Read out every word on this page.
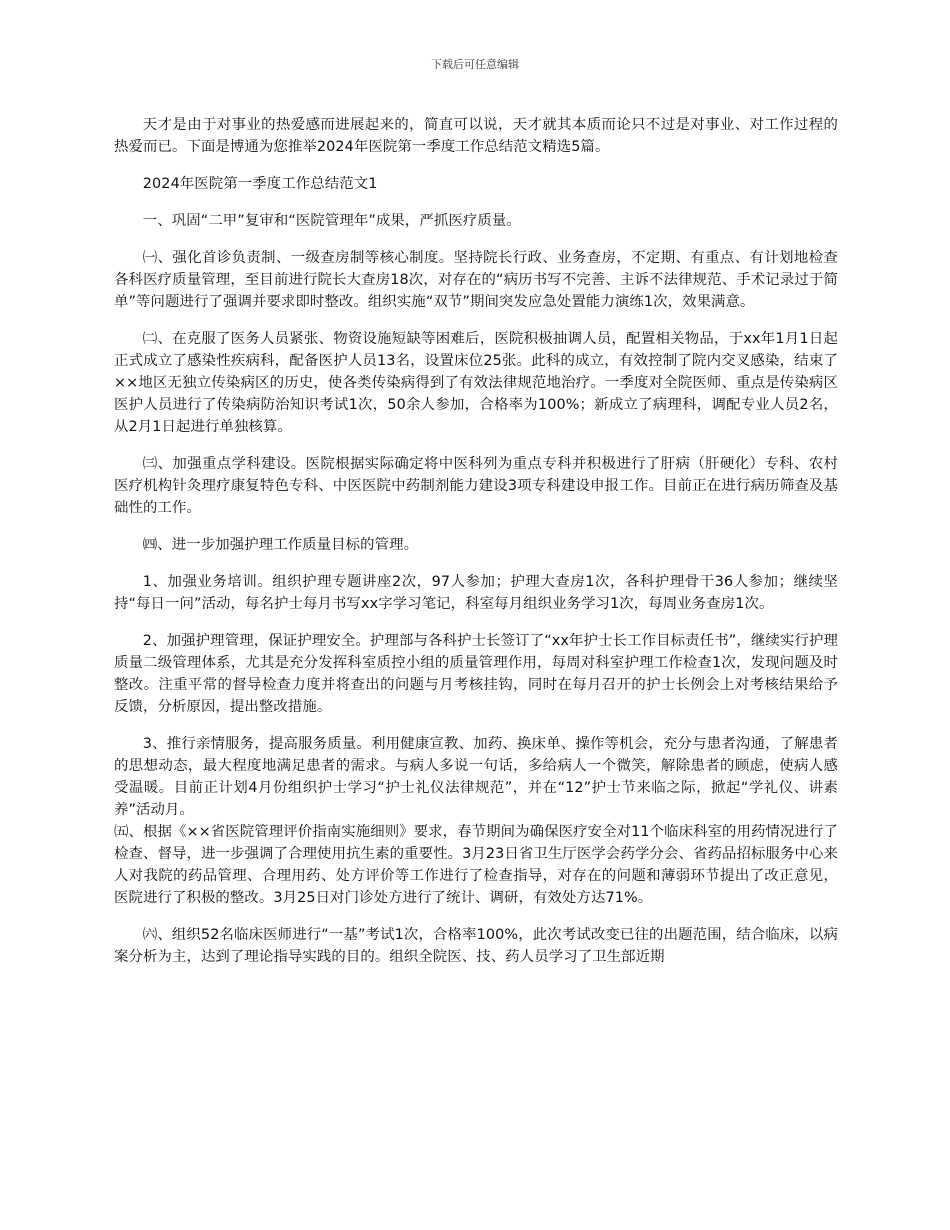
下载后可任意编辑

天才是由于对事业的热爱感而进展起来的，简直可以说，天才就其本质而论只不过是对事业、对工作过程的热爱而已。下面是博通为您推举2024年医院第一季度工作总结范文精选5篇。

2024年医院第一季度工作总结范文1

一、巩固“二甲”复审和“医院管理年”成果，严抓医疗质量。

㈠、强化首诊负责制、一级查房制等核心制度。坚持院长行政、业务查房，不定期、有重点、有计划地检查各科医疗质量管理，至目前进行院长大查房18次，对存在的“病历书写不完善、主诉不法律规范、手术记录过于简单”等问题进行了强调并要求即时整改。组织实施“双节”期间突发应急处置能力演练1次，效果满意。

㈡、在克服了医务人员紧张、物资设施短缺等困难后，医院积极抽调人员，配置相关物品，于xx年1月1日起正式成立了感染性疾病科，配备医护人员13名，设置床位25张。此科的成立，有效控制了院内交叉感染，结束了××地区无独立传染病区的历史，使各类传染病得到了有效法律规范地治疗。一季度对全院医师、重点是传染病区医护人员进行了传染病防治知识考试1次，50余人参加，合格率为100%；新成立了病理科，调配专业人员2名，从2月1日起进行单独核算。

㈢、加强重点学科建设。医院根据实际确定将中医科列为重点专科并积极进行了肝病（肝硬化）专科、农村医疗机构针灸理疗康复特色专科、中医医院中药制剂能力建设3项专科建设申报工作。目前正在进行病历筛查及基础性的工作。

㈣、进一步加强护理工作质量目标的管理。

1、加强业务培训。组织护理专题讲座2次，97人参加；护理大查房1次，各科护理骨干36人参加；继续坚持“每日一问”活动，每名护士每月书写xx字学习笔记，科室每月组织业务学习1次，每周业务查房1次。

2、加强护理管理，保证护理安全。护理部与各科护士长签订了“xx年护士长工作目标责任书”，继续实行护理质量二级管理体系，尤其是充分发挥科室质控小组的质量管理作用，每周对科室护理工作检查1次，发现问题及时整改。注重平常的督导检查力度并将查出的问题与月考核挂钩，同时在每月召开的护士长例会上对考核结果给予反馈，分析原因，提出整改措施。

3、推行亲情服务，提高服务质量。利用健康宣教、加药、换床单、操作等机会，充分与患者沟通，了解患者的思想动态，最大程度地满足患者的需求。与病人多说一句话，多给病人一个微笑，解除患者的顾虑，使病人感受温暖。目前正计划4月份组织护士学习“护士礼仪法律规范”，并在“12”护士节来临之际，掀起“学礼仪、讲素养”活动月。

㈤、根据《××省医院管理评价指南实施细则》要求，春节期间为确保医疗安全对11个临床科室的用药情况进行了检查、督导，进一步强调了合理使用抗生素的重要性。3月23日省卫生厅医学会药学分会、省药品招标服务中心来人对我院的药品管理、合理用药、处方评价等工作进行了检查指导，对存在的问题和薄弱环节提出了改正意见，医院进行了积极的整改。3月25日对门诊处方进行了统计、调研，有效处方达71%。

㈥、组织52名临床医师进行“一基”考试1次，合格率100%，此次考试改变已往的出题范围，结合临床，以病案分析为主，达到了理论指导实践的目的。组织全院医、技、药人员学习了卫生部近期
